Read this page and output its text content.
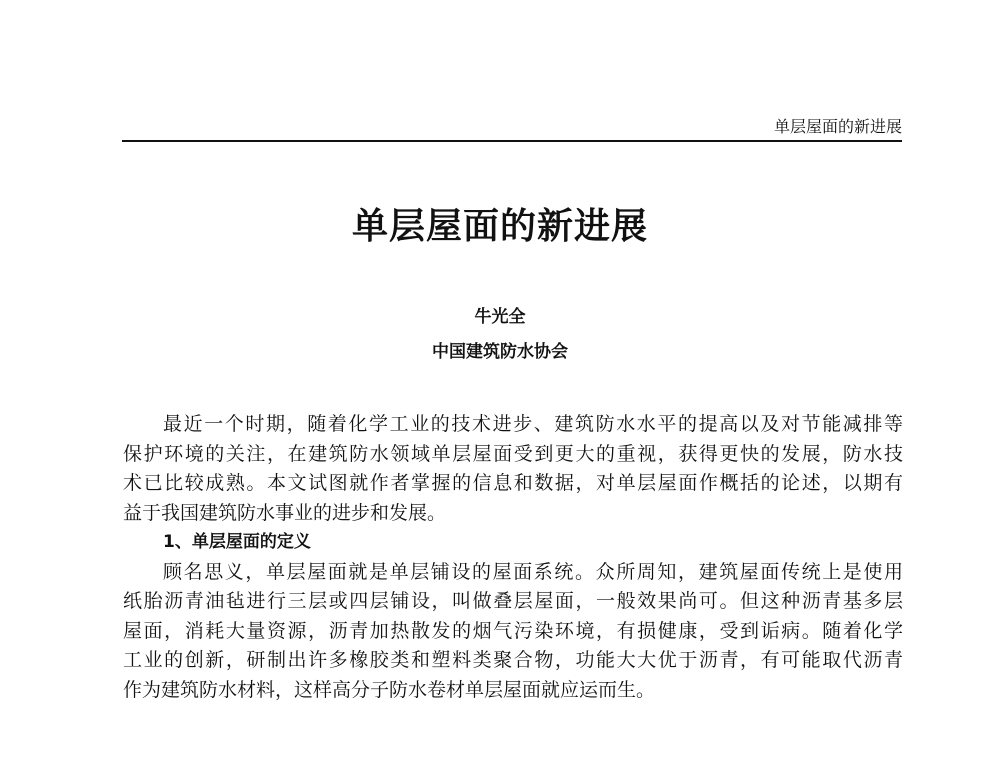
单层屋面的新进展
单层屋面的新进展
牛光全
中国建筑防水协会
最近一个时期，随着化学工业的技术进步、建筑防水水平的提高以及对节能减排等
保护环境的关注，在建筑防水领域单层屋面受到更大的重视，获得更快的发展，防水技
术已比较成熟。本文试图就作者掌握的信息和数据，对单层屋面作概括的论述，以期有
益于我国建筑防水事业的进步和发展。
1、单层屋面的定义
顾名思义，单层屋面就是单层铺设的屋面系统。众所周知，建筑屋面传统上是使用
纸胎沥青油毡进行三层或四层铺设，叫做叠层屋面，一般效果尚可。但这种沥青基多层
屋面，消耗大量资源，沥青加热散发的烟气污染环境，有损健康，受到诟病。随着化学
工业的创新，研制出许多橡胶类和塑料类聚合物，功能大大优于沥青，有可能取代沥青
作为建筑防水材料，这样高分子防水卷材单层屋面就应运而生。
